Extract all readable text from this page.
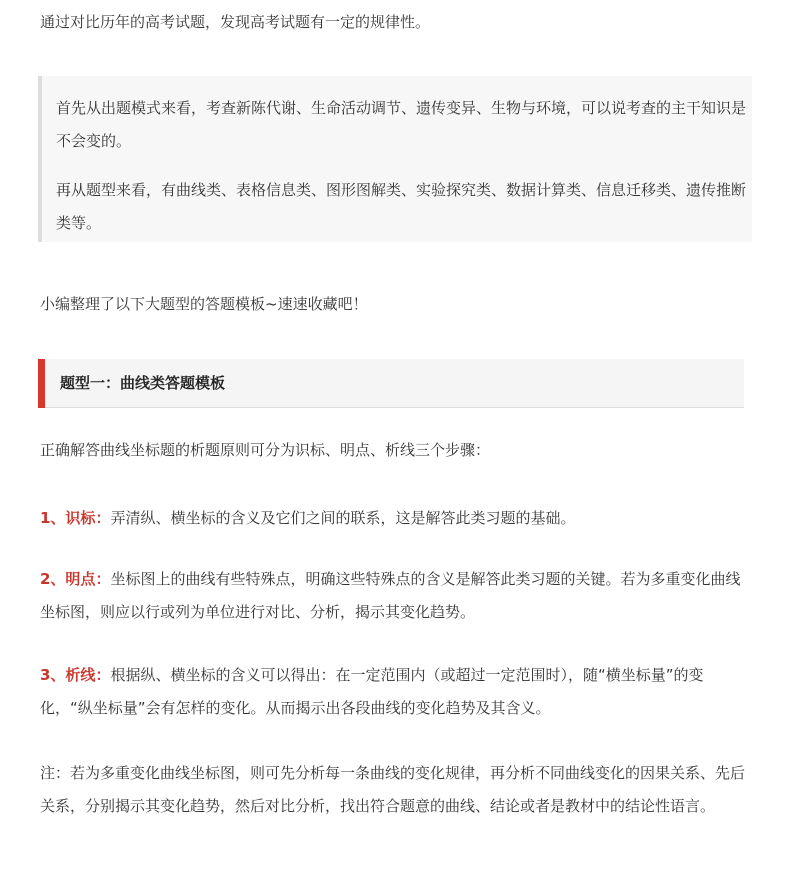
通过对比历年的高考试题，发现高考试题有一定的规律性。

首先从出题模式来看，考查新陈代谢、生命活动调节、遗传变异、生物与环境，可以说考查的主干知识是不会变的。

再从题型来看，有曲线类、表格信息类、图形图解类、实验探究类、数据计算类、信息迁移类、遗传推断类等。

小编整理了以下大题型的答题模板~速速收藏吧！

题型一：曲线类答题模板

正确解答曲线坐标题的析题原则可分为识标、明点、析线三个步骤：

1、识标：弄清纵、横坐标的含义及它们之间的联系，这是解答此类习题的基础。

2、明点：坐标图上的曲线有些特殊点，明确这些特殊点的含义是解答此类习题的关键。若为多重变化曲线坐标图，则应以行或列为单位进行对比、分析，揭示其变化趋势。

3、析线：根据纵、横坐标的含义可以得出：在一定范围内（或超过一定范围时），随“横坐标量”的变化，“纵坐标量”会有怎样的变化。从而揭示出各段曲线的变化趋势及其含义。

注：若为多重变化曲线坐标图，则可先分析每一条曲线的变化规律，再分析不同曲线变化的因果关系、先后关系，分别揭示其变化趋势，然后对比分析，找出符合题意的曲线、结论或者是教材中的结论性语言。
